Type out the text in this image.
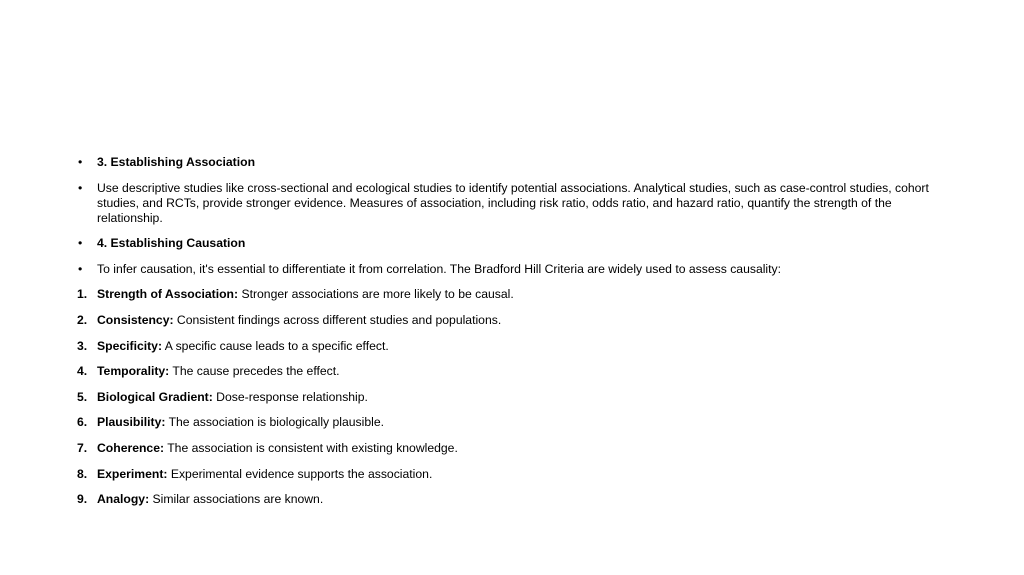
•	3. Establishing Association
•	Use descriptive studies like cross-sectional and ecological studies to identify potential associations. Analytical studies, such as case-control studies, cohort studies, and RCTs, provide stronger evidence. Measures of association, including risk ratio, odds ratio, and hazard ratio, quantify the strength of the relationship.
•	4. Establishing Causation
•	To infer causation, it's essential to differentiate it from correlation. The Bradford Hill Criteria are widely used to assess causality:
1. Strength of Association: Stronger associations are more likely to be causal.
2. Consistency: Consistent findings across different studies and populations.
3. Specificity: A specific cause leads to a specific effect.
4. Temporality: The cause precedes the effect.
5. Biological Gradient: Dose-response relationship.
6. Plausibility: The association is biologically plausible.
7. Coherence: The association is consistent with existing knowledge.
8. Experiment: Experimental evidence supports the association.
9. Analogy: Similar associations are known.
